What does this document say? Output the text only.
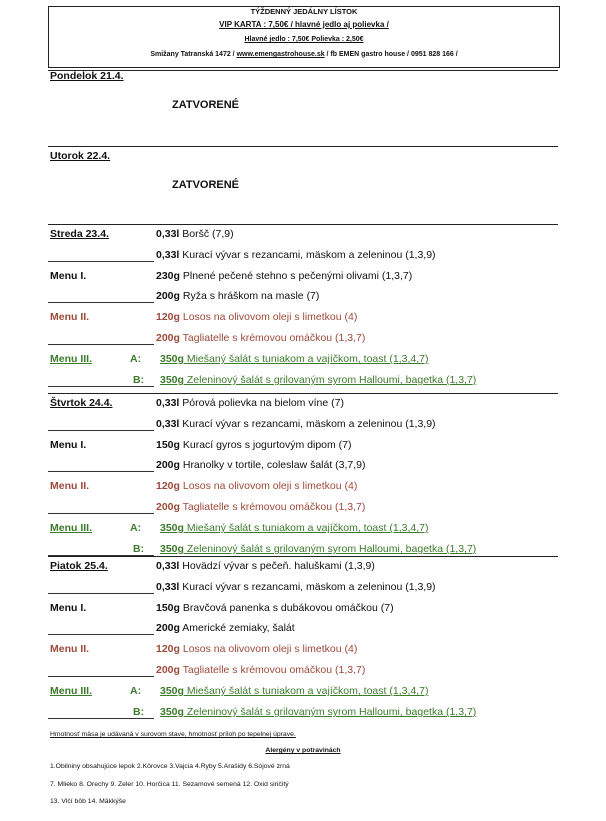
TÝŽDENNÝ JEDÁLNY LÍSTOK
VIP KARTA : 7,50€ / hlavné jedlo aj polievka /
Hlavné jedlo : 7,50€ Polievka : 2,50€
Smižany Tatranská 1472 / www.emengastrohouse.sk / fb EMEN gastro house / 0951 828 166 /
Pondelok 21.4.
ZATVORENÉ
Utorok 22.4.
ZATVORENÉ
Streda 23.4.	0,33l Boršč (7,9)
0,33l Kurací vývar s rezancami, mäskom a zeleninou (1,3,9)
Menu I.	230g Plnené pečené stehno s pečenými olivami (1,3,7)
200g Ryža s hráškom na masle (7)
Menu II.	120g Losos na olivovom oleji s limetkou (4)
200g Tagliatelle s krémovou omáčkou (1,3,7)
Menu III.	A: 350g Miešaný šalát s tuniakom a vajíčkom, toast (1,3,4,7)
B: 350g Zeleninový šalát s grilovaným syrom Halloumi, bagetka (1,3,7)
Štvrtok 24.4.	0,33l Pórová polievka na bielom víne (7)
0,33l Kurací vývar s rezancami, mäskom a zeleninou (1,3,9)
Menu I.	150g Kurací gyros s jogurtovým dipom (7)
200g Hranolky v tortile, coleslaw šalát (3,7,9)
Menu II.	120g Losos na olivovom oleji s limetkou (4)
200g Tagliatelle s krémovou omáčkou (1,3,7)
Menu III.	A: 350g Miešaný šalát s tuniakom a vajíčkom, toast (1,3,4,7)
B: 350g Zeleninový šalát s grilovaným syrom Halloumi, bagetka (1,3,7)
Piatok 25.4.	0,33l Hovädzí vývar s pečeň. haluškami (1,3,9)
0,33l Kurací vývar s rezancami, mäskom a zeleninou (1,3,9)
Menu I.	150g Bravčová panenka s dubákovou omáčkou (7)
200g Americké zemiaky, šalát
Menu II.	120g Losos na olivovom oleji s limetkou (4)
200g Tagliatelle s krémovou omáčkou (1,3,7)
Menu III.	A: 350g Miešaný šalát s tuniakom a vajíčkom, toast (1,3,4,7)
B: 350g Zeleninový šalát s grilovaným syrom Halloumi, bagetka (1,3,7)
Hmotnosť mäsa je udávaná v surovom stave, hmotnosť príloh po tepelnej úprave.
Alergény v potravinách
1.Obilniny obsahujúce lepok 2.Kôrovce 3.Vajcia 4.Ryby 5.Arašidy 6.Sójové zrná
7. Mlieko 8. Orechy 9. Zeler 10. Horčica 11. Sezamové semená 12. Oxid siričitý
13. Vlčí bôb 14. Mäkkýše
